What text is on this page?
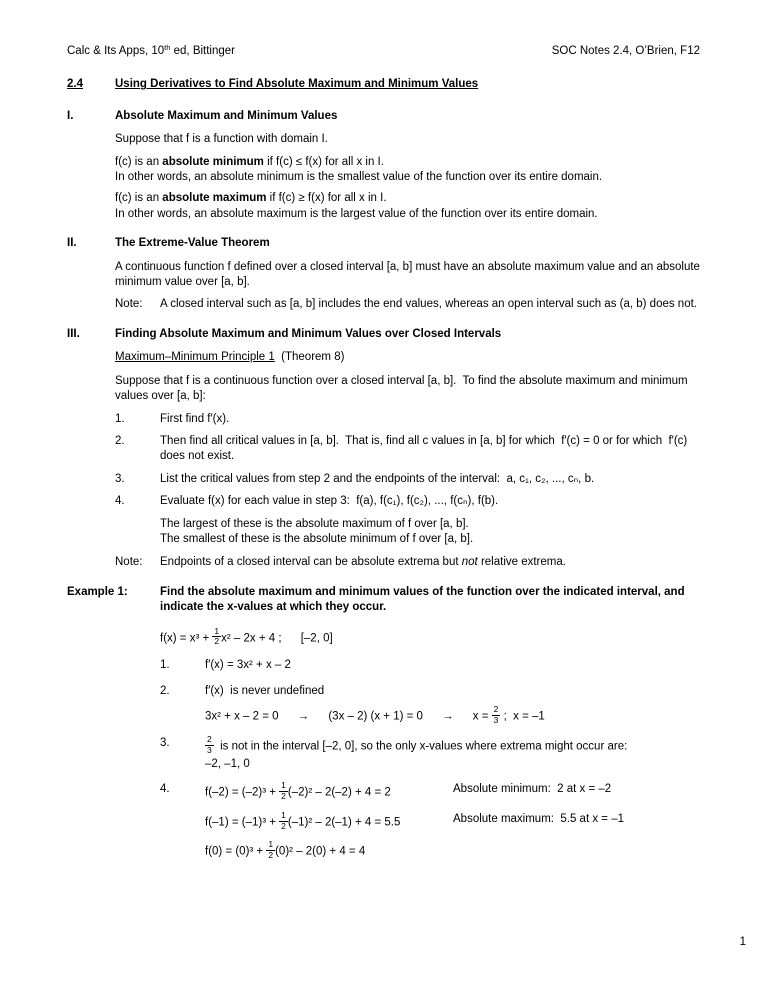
Calc & Its Apps, 10th ed, Bittinger	SOC Notes 2.4, O’Brien, F12
2.4	Using Derivatives to Find Absolute Maximum and Minimum Values
I.	Absolute Maximum and Minimum Values

Suppose that f is a function with domain I.

f(c) is an absolute minimum if f(c) ≤ f(x) for all x in I.

In other words, an absolute minimum is the smallest value of the function over its entire domain.

f(c) is an absolute maximum if f(c) ≥ f(x) for all x in I.

In other words, an absolute maximum is the largest value of the function over its entire domain.

II.	The Extreme-Value Theorem

A continuous function f defined over a closed interval [a, b] must have an absolute maximum value and an absolute minimum value over [a, b].

Note:	A closed interval such as [a, b] includes the end values, whereas an open interval such as (a, b) does not.

III.	Finding Absolute Maximum and Minimum Values over Closed Intervals

Maximum–Minimum Principle 1  (Theorem 8)

Suppose that f is a continuous function over a closed interval [a, b].  To find the absolute maximum and minimum values over [a, b]:

1.	First find f′(x).
2.	Then find all critical values in [a, b].  That is, find all c values in [a, b] for which  f′(c) = 0 or for which  f′(c)  does not exist.
3.	List the critical values from step 2 and the endpoints of the interval:  a, c₁, c₂, ..., cₙ, b.
4.	Evaluate f(x) for each value in step 3:  f(a), f(c₁), f(c₂), ..., f(cₙ), f(b).

The largest of these is the absolute maximum of f over [a, b].

The smallest of these is the absolute minimum of f over [a, b].

Note:	Endpoints of a closed interval can be absolute extrema but not relative extrema.

Example 1:	Find the absolute maximum and minimum values of the function over the indicated interval, and indicate the x-values at which they occur.

$f(x) = x^3 + \frac{1}{2} x^2 - 2x + 4$ ;      [–2, 0]

1.	f′(x) = 3x² + x – 2

2.	f′(x)  is never undefined

3x² + x – 2 = 0      →      (3x – 2) (x + 1) = 0      →      $x = \frac{2}{3}$ ;  x = –1

3.	$\frac{2}{3}$ is not in the interval [–2, 0], so the only x-values where extrema might occur are:

–2, –1, 0

4.	$f(-2) = (-2)^3 + \frac{1}{2} (-2)^2 - 2(-2) + 4 = 2$	Absolute minimum:  2 at x = –2
$f(-1) = (-1)^3 + \frac{1}{2} (-1)^2 - 2(-1) + 4 = 5.5$	Absolute maximum:  5.5 at x = –1
$f(0) = (0)^3 + \frac{1}{2} (0)^2 - 2(0) + 4 = 4$
1
